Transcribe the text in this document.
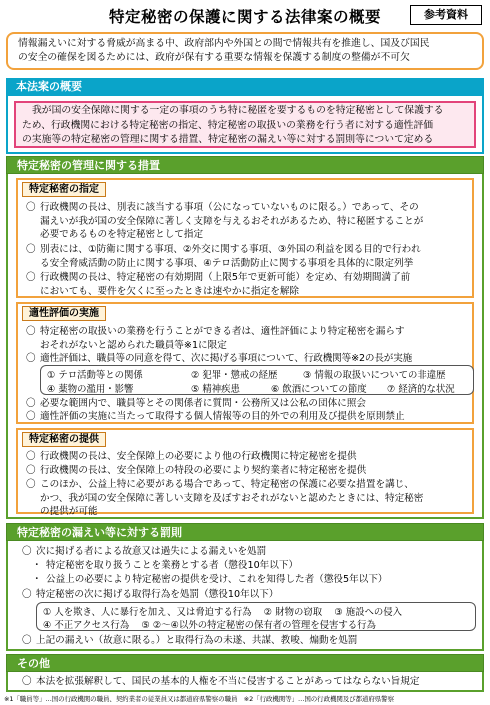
特定秘密の保護に関する法律案の概要	参考資料
情報漏えいに対する脅威が高まる中、政府部内や外国との間で情報共有を推進し、国及び国民
の安全の確保を図るためには、政府が保有する重要な情報を保護する制度の整備が不可欠
本法案の概要
我が国の安全保障に関する一定の事項のうち特に秘匿を要するものを特定秘密として保護する
ため、行政機関における特定秘密の指定、特定秘密の取扱いの業務を行う者に対する適性評価
の実施等の特定秘密の管理に関する措置、特定秘密の漏えい等に対する罰則等について定める
特定秘密の管理に関する措置
特定秘密の指定
〇 行政機関の長は、別表に該当する事項（公になっていないものに限る。）であって、その
漏えいが我が国の安全保障に著しく支障を与えるおそれがあるため、特に秘匿することが
必要であるものを特定秘密として指定
〇 別表には、①防衛に関する事項、②外交に関する事項、③外国の利益を図る目的で行われ
る安全脅威活動の防止に関する事項、④テロ活動防止に関する事項を具体的に限定列挙
〇 行政機関の長は、特定秘密の有効期間（上限5年で更新可能）を定め、有効期間満了前
においても、要件を欠くに至ったときは速やかに指定を解除
適性評価の実施
〇 特定秘密の取扱いの業務を行うことができる者は、適性評価により特定秘密を漏らす
おそれがないと認められた職員等※1に限定
〇 適性評価は、職員等の同意を得て、次に掲げる事項について、行政機関等※2の長が実施
① テロ活動等との関係	② 犯罪・懲戒の経歴	③ 情報の取扱いについての非違歴
④ 薬物の濫用・影響	⑤ 精神疾患	⑥ 飲酒についての節度 ⑦ 経済的な状況
〇 必要な範囲内で、職員等とその関係者に質問・公務所又は公私の団体に照会
〇 適性評価の実施に当たって取得する個人情報等の目的外での利用及び提供を原則禁止
特定秘密の提供
〇 行政機関の長は、安全保障上の必要により他の行政機関に特定秘密を提供
〇 行政機関の長は、安全保障上の特段の必要により契約業者に特定秘密を提供
〇 このほか、公益上特に必要がある場合であって、特定秘密の保護に必要な措置を講じ、
かつ、我が国の安全保障に著しい支障を及ぼすおそれがないと認めたときには、特定秘密
の提供が可能
特定秘密の漏えい等に対する罰則
〇 次に掲げる者による故意又は過失による漏えいを処罰
・ 特定秘密を取り扱うことを業務とする者（懲役10年以下）
・ 公益上の必要により特定秘密の提供を受け、これを知得した者（懲役5年以下）
〇 特定秘密の次に掲げる取得行為を処罰（懲役10年以下）
① 人を欺き、人に暴行を加え、又は脅迫する行為　 ② 財物の窃取　 ③ 施設への侵入
④ 不正アクセス行為　 ⑤ ②～④以外の特定秘密の保有者の管理を侵害する行為
〇 上記の漏えい（故意に限る。）と取得行為の未遂、共謀、教唆、煽動を処罰
その他
〇 本法を拡張解釈して、国民の基本的人権を不当に侵害することがあってはならない旨規定
※1「職員等」…国の行政機関の職員、契約業者の従業員又は都道府県警察の職員　※2「行政機関等」…国の行政機関及び都道府県警察
